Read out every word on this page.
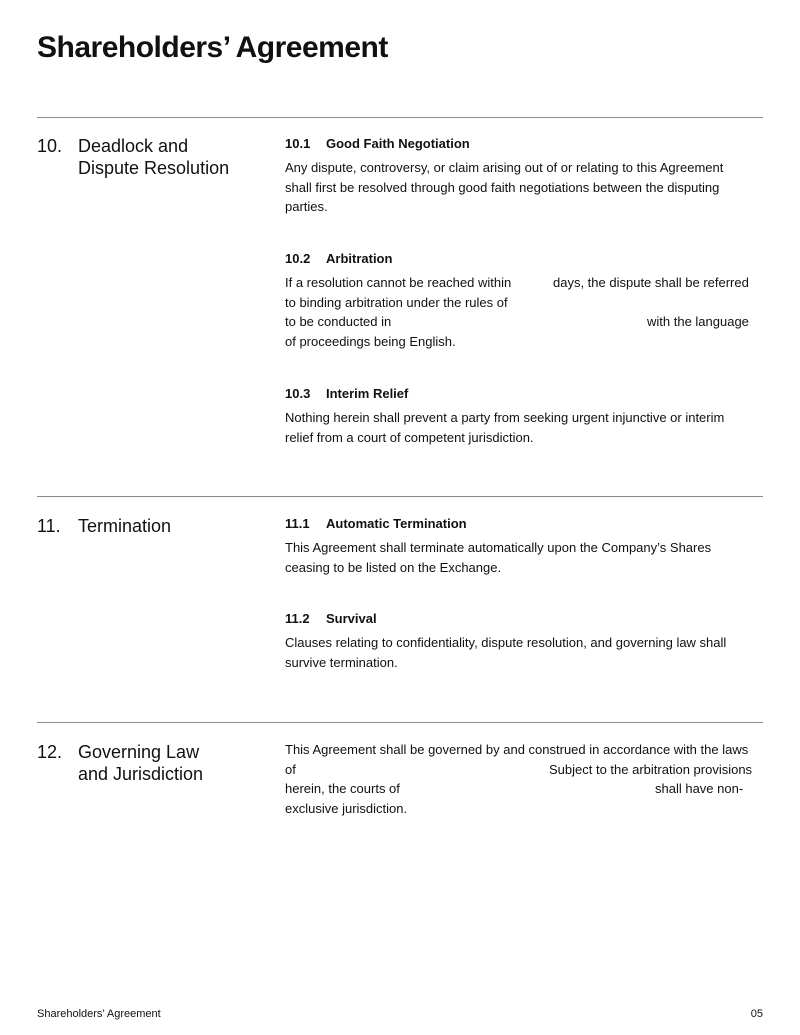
Shareholders’ Agreement
10. Deadlock and
Dispute Resolution
10.1 Good Faith Negotiation

Any dispute, controversy, or claim arising out of or relating to this Agreement
shall first be resolved through good faith negotiations between the disputing
parties.

10.2 Arbitration

If a resolution cannot be reached within	days, the dispute shall be referred
to binding arbitration under the rules of
to be conducted in	with the language
of proceedings being English.

10.3 Interim Relief

Nothing herein shall prevent a party from seeking urgent injunctive or interim
relief from a court of competent jurisdiction.

11. Termination	11.1 Automatic Termination

This Agreement shall terminate automatically upon the Company’s Shares
ceasing to be listed on the Exchange.

11.2 Survival

Clauses relating to confidentiality, dispute resolution, and governing law shall
survive termination.

12. Governing Law
and Jurisdiction

This Agreement shall be governed by and construed in accordance with the laws
of	Subject to the arbitration provisions
herein, the courts of	shall have non-
exclusive jurisdiction.

Shareholders’ Agreement	05
